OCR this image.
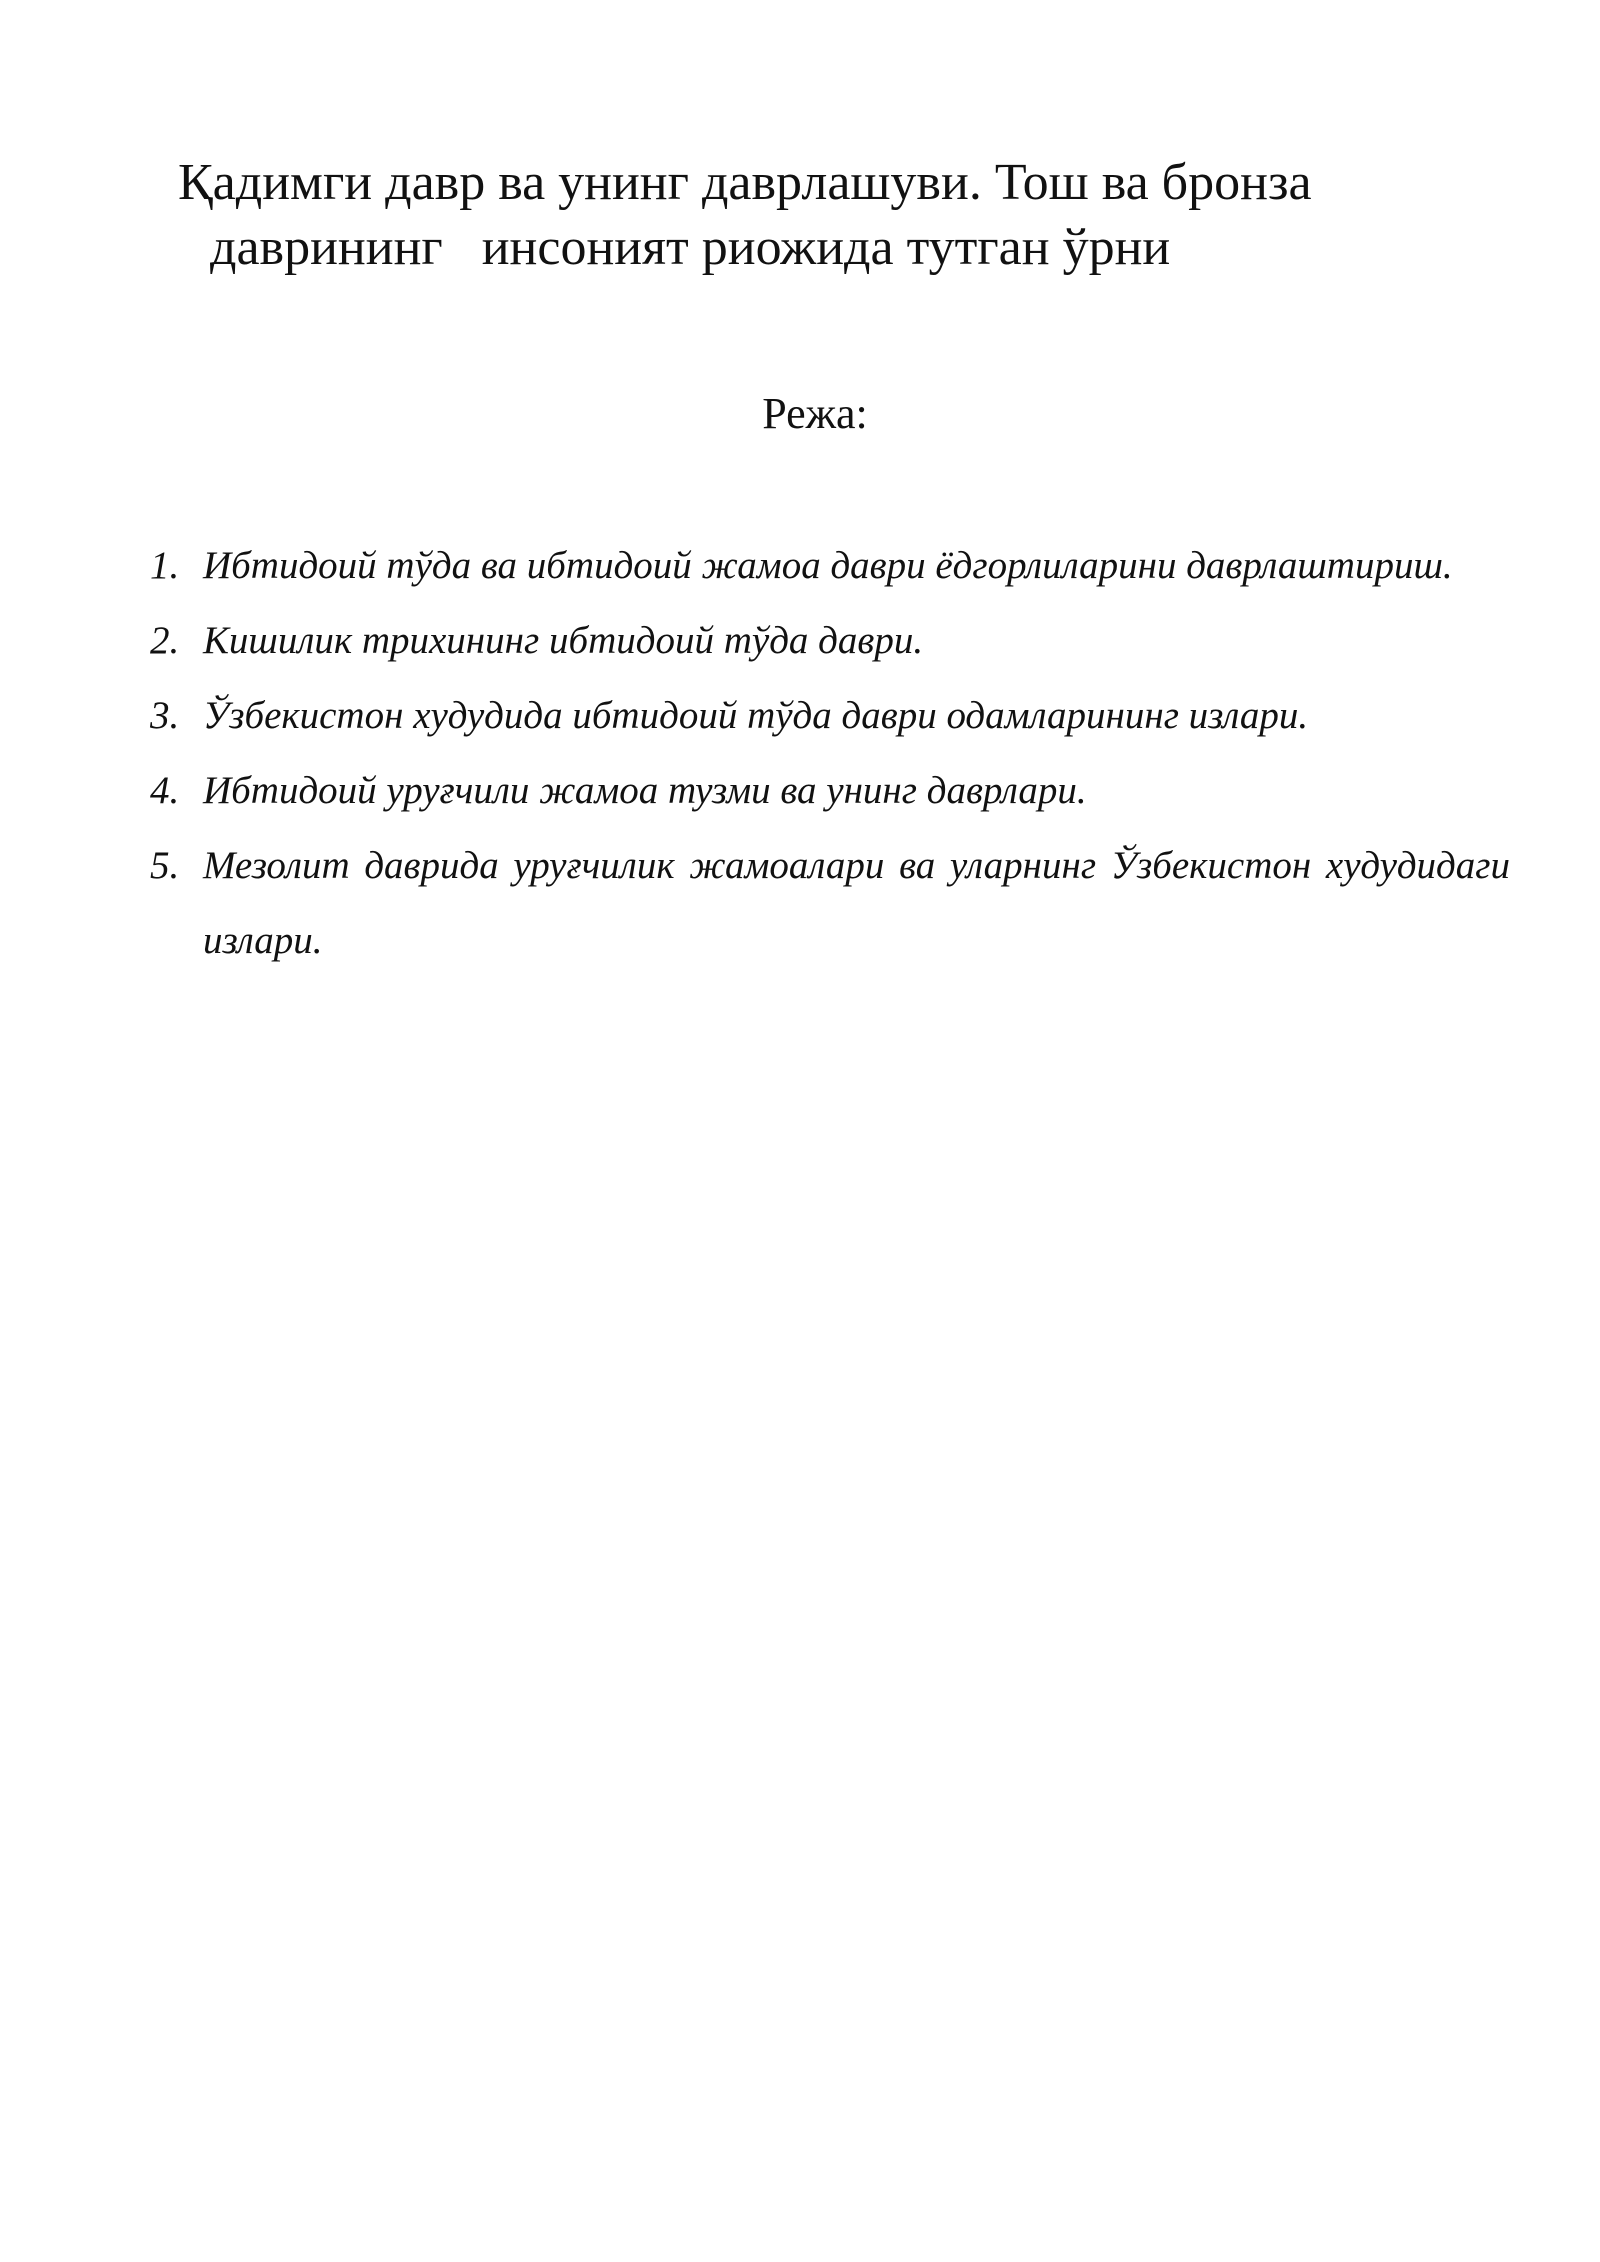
Қадимги давр ва унинг даврлашуви. Тош ва бронза
даврининг   инсоният риожида тутган ўрни
Режа:
1. Ибтидоий тўда ва ибтидоий жамоа даври ёдгорлиларини даврлаштириш.
2. Кишилик трихининг ибтидоий тўда даври.
3. Ўзбекистон худудида ибтидоий тўда даври одамларининг излари.
4. Ибтидоий уруғчили жамоа тузми ва унинг даврлари.
5. Мезолит даврида уруғчилик жамоалари ва уларнинг Ўзбекистон худудидаги излари.
